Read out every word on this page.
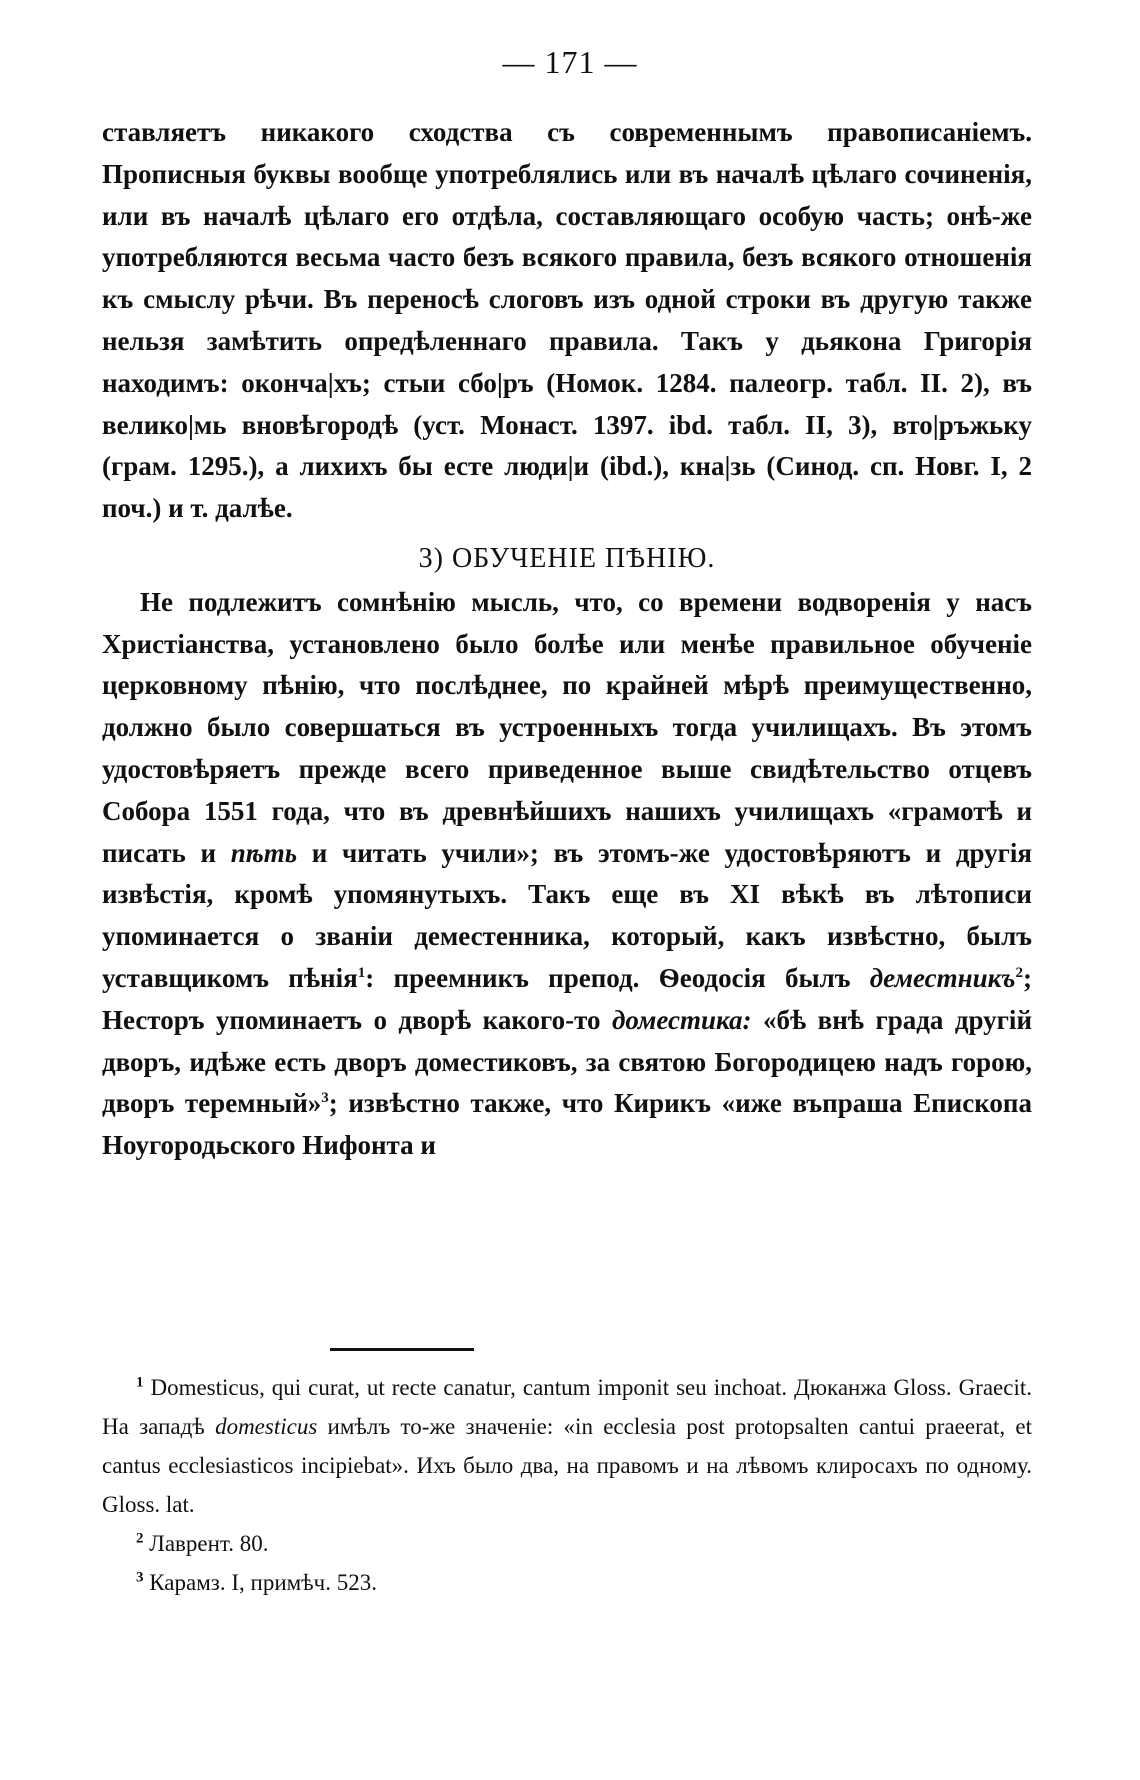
— 171 —

ставляетъ никакого сходства съ современнымъ правописаніемъ. Прописныя буквы вообще употреблялись или въ началѣ цѣлаго сочиненія, или въ началѣ цѣлаго его отдѣла, составляющаго особую часть; онѣ-же употребляются весьма часто безъ всякого правила, безъ всякого отношенія къ смыслу рѣчи. Въ переносѣ слоговъ изъ одной строки въ другую также нельзя замѣтить опредѣленнаго правила. Такъ у дьякона Григорія находимъ: оконча|хъ; стыи сбо|ръ (Номок. 1284. палеогр. табл. II. 2), въ велико|мь вновѣгородѣ (уст. Монаст. 1397. ibd. табл. II, 3), вто|ръжьку (грам. 1295.), а лихихъ бы есте люди|и (ibd.), кна|зь (Синод. сп. Новг. I, 2 поч.) и т. далѣе.

3) ОБУЧЕНІЕ ПѢНІЮ.

Не подлежитъ сомнѣнію мысль, что, со времени водворенія у насъ Христіанства, установлено было болѣе или менѣе правильное обученіе церковному пѣнію, что послѣднее, по крайней мѣрѣ преимущественно, должно было совершаться въ устроенныхъ тогда училищахъ. Въ этомъ удостовѣряетъ прежде всего приведенное выше свидѣтельство отцевъ Собора 1551 года, что въ древнѣйшихъ нашихъ училищахъ «грамотѣ и писать и пѣть и читать учили»; въ этомъ-же удостовѣряютъ и другія извѣстія, кромѣ упомянутыхъ. Такъ еще въ XI вѣкѣ въ лѣтописи упоминается о званіи деместенника, который, какъ извѣстно, былъ уставщикомъ пѣнія$^1$: преемникъ препод. Ѳеодосія былъ деместникъ$^2$; Несторъ упоминаетъ о дворѣ какого-то доместика: «бѣ внѣ града другій дворъ, идѣже есть дворъ доместиковъ, за святою Богородицею надъ горою, дворъ теремный»$^3$; извѣстно также, что Кирикъ «иже въпраша Епископа Ноугородьского Нифонта и

$^1$ Domesticus, qui curat, ut recte canatur, cantum imponit seu inchoat. Дюканжа Gloss. Graecit. На западѣ domesticus имѣлъ то-же значеніе: «in ecclesia post protopsalten cantui praeerat, et cantus ecclesiasticos incipiebat». Ихъ было два, на правомъ и на лѣвомъ клиросахъ по одному. Gloss. lat.

$^2$ Лаврент. 80.

$^3$ Карамз. I, примѣч. 523.
